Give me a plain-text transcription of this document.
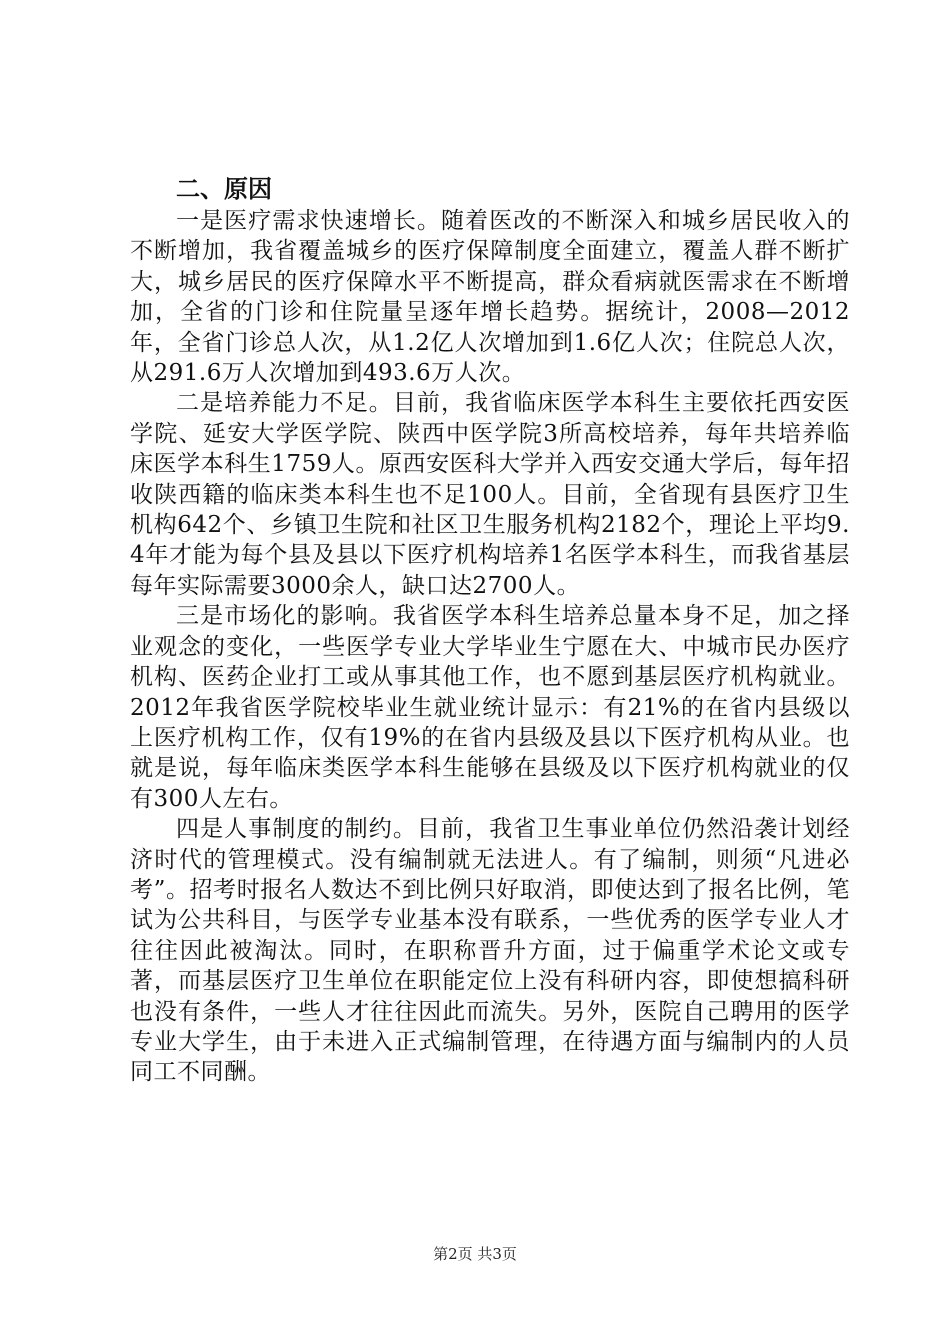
二、原因

一是医疗需求快速增长。随着医改的不断深入和城乡居民收入的不断增加，我省覆盖城乡的医疗保障制度全面建立，覆盖人群不断扩大，城乡居民的医疗保障水平不断提高，群众看病就医需求在不断增加，全省的门诊和住院量呈逐年增长趋势。据统计，2008—2012年，全省门诊总人次，从1.2亿人次增加到1.6亿人次；住院总人次，从291.6万人次增加到493.6万人次。

二是培养能力不足。目前，我省临床医学本科生主要依托西安医学院、延安大学医学院、陕西中医学院3所高校培养，每年共培养临床医学本科生1759人。原西安医科大学并入西安交通大学后，每年招收陕西籍的临床类本科生也不足100人。目前，全省现有县医疗卫生机构642个、乡镇卫生院和社区卫生服务机构2182个，理论上平均9.4年才能为每个县及县以下医疗机构培养1名医学本科生，而我省基层每年实际需要3000余人，缺口达2700人。

三是市场化的影响。我省医学本科生培养总量本身不足，加之择业观念的变化，一些医学专业大学毕业生宁愿在大、中城市民办医疗机构、医药企业打工或从事其他工作，也不愿到基层医疗机构就业。2012年我省医学院校毕业生就业统计显示：有21%的在省内县级以上医疗机构工作，仅有19%的在省内县级及县以下医疗机构从业。也就是说，每年临床类医学本科生能够在县级及以下医疗机构就业的仅有300人左右。

四是人事制度的制约。目前，我省卫生事业单位仍然沿袭计划经济时代的管理模式。没有编制就无法进人。有了编制，则须“凡进必考”。招考时报名人数达不到比例只好取消，即使达到了报名比例，笔试为公共科目，与医学专业基本没有联系，一些优秀的医学专业人才往往因此被淘汰。同时，在职称晋升方面，过于偏重学术论文或专著，而基层医疗卫生单位在职能定位上没有科研内容，即使想搞科研也没有条件，一些人才往往因此而流失。另外，医院自己聘用的医学专业大学生，由于未进入正式编制管理，在待遇方面与编制内的人员同工不同酬。

第2页 共3页
